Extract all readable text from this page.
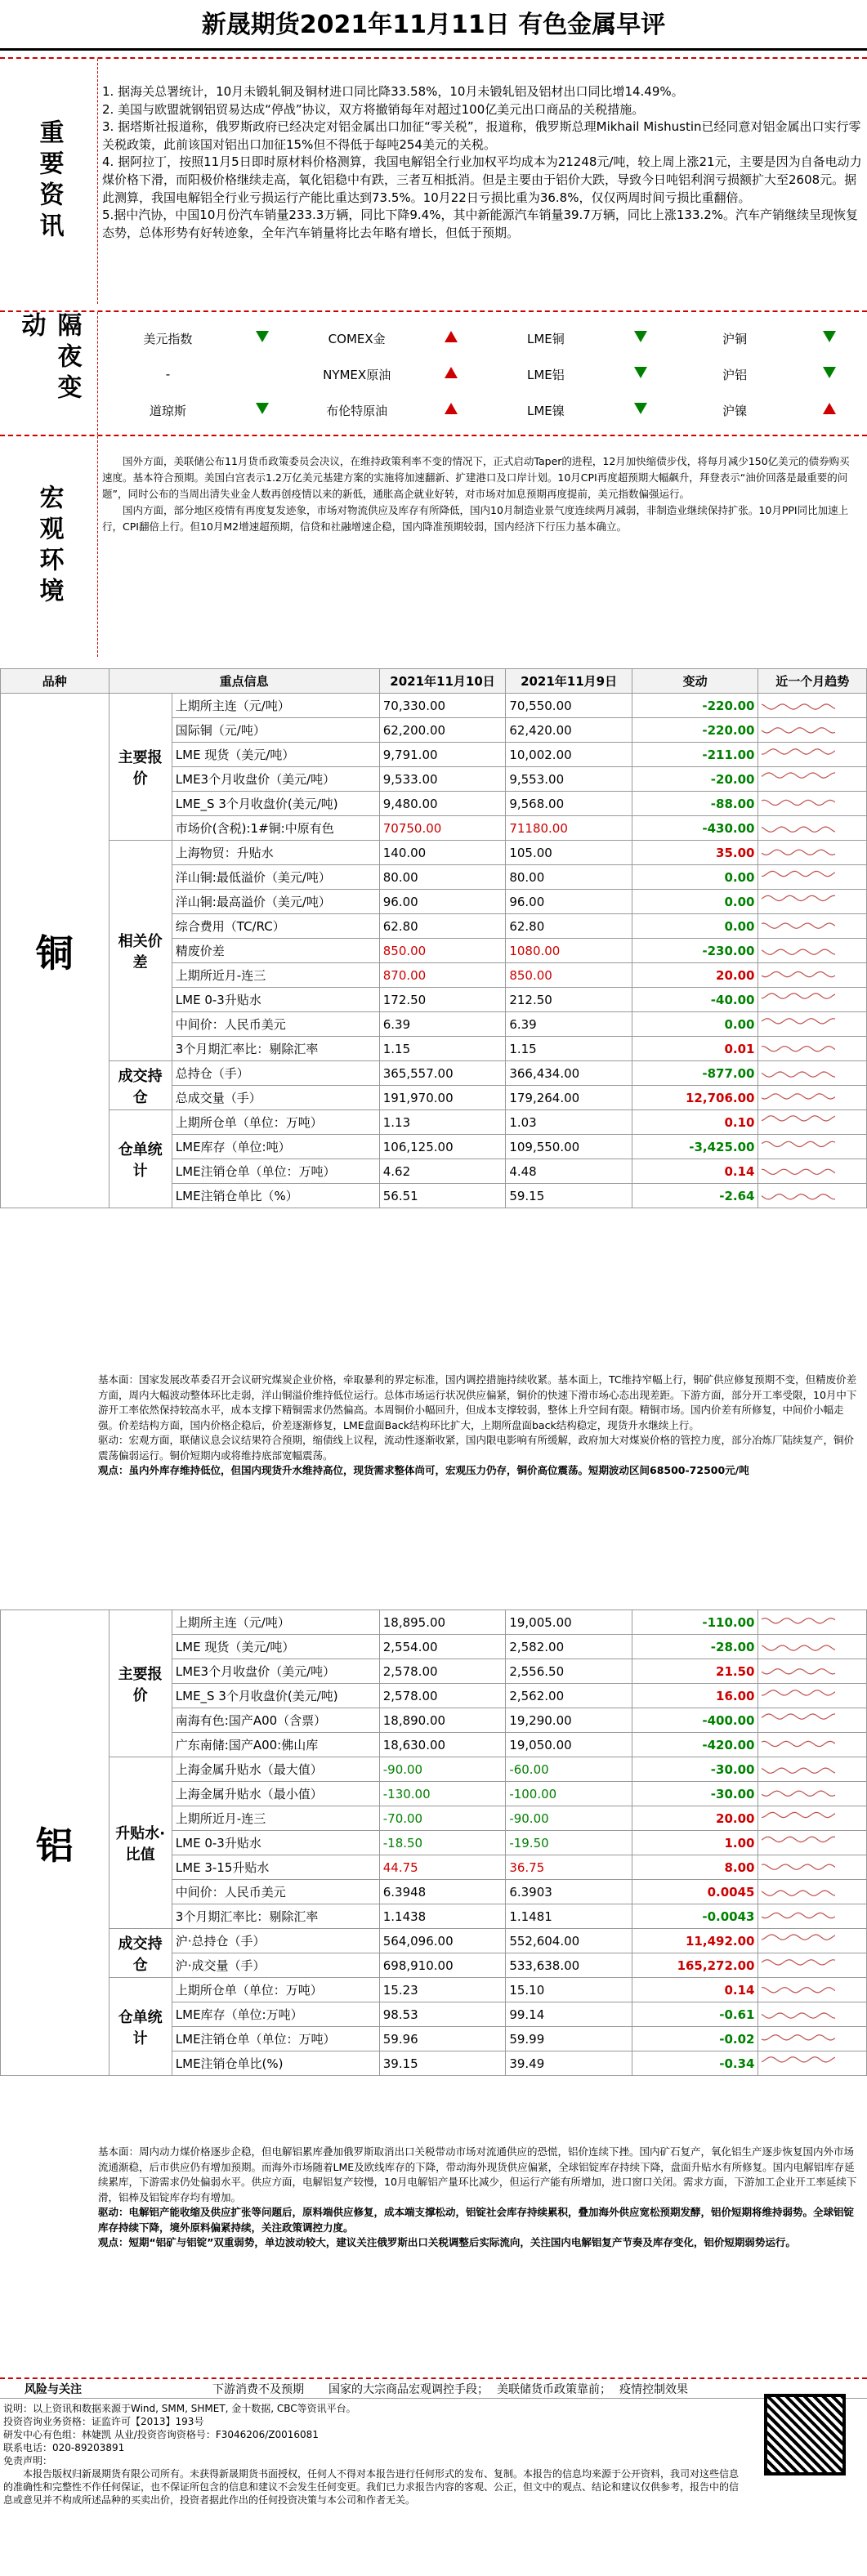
新晟期货2021年11月11日 有色金属早评
重要资讯

1. 据海关总署统计，10月未锻轧铜及铜材进口同比降33.58%，10月未锻轧铝及铝材出口同比增14.49%。

2. 美国与欧盟就钢铝贸易达成“停战”协议，双方将撤销每年对超过100亿美元出口商品的关税措施。

3. 据塔斯社报道称，俄罗斯政府已经决定对铝金属出口加征“零关税”，报道称，俄罗斯总理Mikhail Mishustin已经同意对铝金属出口实行零关税政策，此前该国对铝出口加征15%但不得低于每吨254美元的关税。

4. 据阿拉丁，按照11月5日即时原材料价格测算，我国电解铝全行业加权平均成本为21248元/吨，较上周上涨21元，主要是因为自备电动力煤价格下滑，而阳极价格继续走高，氧化铝稳中有跌，三者互相抵消。但是主要由于铝价大跌，导致今日吨铝利润亏损额扩大至2608元。据此测算，我国电解铝全行业亏损运行产能比重达到73.5%。10月22日亏损比重为36.8%，仅仅两周时间亏损比重翻倍。

5.据中汽协，中国10月份汽车销量233.3万辆，同比下降9.4%，其中新能源汽车销量39.7万辆，同比上涨133.2%。汽车产销继续呈现恢复态势，总体形势有好转迹象，全年汽车销量将比去年略有增长，但低于预期。

隔夜变动	美元指数		COMEX金		LME铜		沪铜	
-		NYMEX原油		LME铝		沪铝	
道琼斯		布伦特原油		LME镍		沪镍	
宏观环境

国外方面，美联储公布11月货币政策委员会决议，在维持政策利率不变的情况下，正式启动Taper的进程，12月加快缩债步伐，将每月减少150亿美元的债券购买速度。基本符合预期。美国白宫表示1.2万亿美元基建方案的实施将加速翻新、扩建港口及口岸计划。10月CPI再度超预期大幅飙升，拜登表示“油价回落是最重要的问题”，同时公布的当周出清失业金人数再创疫情以来的新低，通胀高企就业好转，对市场对加息预期再度提前，美元指数偏强运行。

国内方面，部分地区疫情有再度复发迹象，市场对物流供应及库存有所降低，国内10月制造业景气度连续两月减弱，非制造业继续保持扩张。10月PPI同比加速上行，CPI翻倍上行。但10月M2增速超预期，信贷和社融增速企稳，国内降准预期较弱，国内经济下行压力基本确立。

品种	重点信息		2021年11月10日	2021年11月9日	变动	近一个月趋势
铜	主要报价	上期所主连（元/吨）	70,330.00	70,550.00	-220.00	
		国际铜（元/吨）	62,200.00	62,420.00	-220.00	
		LME 现货（美元/吨）	9,791.00	10,002.00	-211.00	
		LME3个月收盘价（美元/吨）	9,533.00	9,553.00	-20.00	
		LME_S 3个月收盘价(美元/吨)	9,480.00	9,568.00	-88.00	
		市场价(含税):1#铜:中原有色	70750.00	71180.00	-430.00	
	相关价差	上海物贸：升贴水	140.00	105.00	35.00	
		洋山铜:最低溢价（美元/吨）	80.00	80.00	0.00	
		洋山铜:最高溢价（美元/吨）	96.00	96.00	0.00	
		综合费用（TC/RC）	62.80	62.80	0.00	
		精废价差	850.00	1080.00	-230.00	
		上期所近月-连三	870.00	850.00	20.00	
		LME 0-3升贴水	172.50	212.50	-40.00	
		中间价：人民币美元	6.39	6.39	0.00	
		3个月期汇率比：剔除汇率	1.15	1.15	0.01	
	成交持仓	总持仓（手）	365,557.00	366,434.00	-877.00	
		总成交量（手）	191,970.00	179,264.00	12,706.00	
	仓单统计	上期所仓单（单位：万吨）	1.13	1.03	0.10	
		LME库存（单位:吨）	106,125.00	109,550.00	-3,425.00	
		LME注销仓单（单位：万吨）	4.62	4.48	0.14	
		LME注销仓单比（%）	56.51	59.15	-2.64	

基本面：国家发展改革委召开会议研究煤炭企业价格，牵取暴利的界定标准，国内调控措施持续收紧。基本面上，TC维持窄幅上行，铜矿供应修复预期不变，但精废价差方面，周内大幅波动整体环比走弱，洋山铜溢价维持低位运行。总体市场运行状况供应偏紧，铜价的快速下滑市场心态出现差距。下游方面，部分开工率受限，10月中下游开工率依然保持较高水平，成本支撑下精铜需求仍然偏高。本周铜价小幅回升，但成本支撑较弱，整体上升空间有限。精铜市场。国内价差有所修复，中间价小幅走强。价差结构方面，国内价格企稳后，价差逐渐修复，LME盘面Back结构环比扩大，上期所盘面back结构稳定，现货升水继续上行。

驱动：宏观方面，联储议息会议结果符合预期，缩债线上议程，流动性逐渐收紧，国内限电影响有所缓解，政府加大对煤炭价格的管控力度，部分冶炼厂陆续复产，铜价震荡偏弱运行。铜价短期内或将维持底部宽幅震荡。

观点：虽内外库存维持低位，但国内现货升水维持高位，现货需求整体尚可，宏观压力仍存，铜价高位震荡。短期波动区间68500-72500元/吨

铝	主要报价	上期所主连（元/吨）	18,895.00	19,005.00	-110.00	
		LME 现货（美元/吨）	2,554.00	2,582.00	-28.00	
		LME3个月收盘价（美元/吨）	2,578.00	2,556.50	21.50	
		LME_S 3个月收盘价(美元/吨)	2,578.00	2,562.00	16.00	
		南海有色:国产A00（含票）	18,890.00	19,290.00	-400.00	
		广东南储:国产A00:佛山库	18,630.00	19,050.00	-420.00	
	升贴水·比值	上海金属升贴水（最大值）	-90.00	-60.00	-30.00	
		上海金属升贴水（最小值）	-130.00	-100.00	-30.00	
		上期所近月-连三	-70.00	-90.00	20.00	
		LME 0-3升贴水	-18.50	-19.50	1.00	
		LME 3-15升贴水	44.75	36.75	8.00	
		中间价：人民币美元	6.3948	6.3903	0.0045	
		3个月期汇率比：剔除汇率	1.1438	1.1481	-0.0043	
	成交持仓	沪·总持仓（手）	564,096.00	552,604.00	11,492.00	
		沪·成交量（手）	698,910.00	533,638.00	165,272.00	
	仓单统计	上期所仓单（单位：万吨）	15.23	15.10	0.14	
		LME库存（单位:万吨）	98.53	99.14	-0.61	
		LME注销仓单（单位：万吨）	59.96	59.99	-0.02	
		LME注销仓单比(%)	39.15	39.49	-0.34	

基本面：周内动力煤价格逐步企稳，但电解铝累库叠加俄罗斯取消出口关税带动市场对流通供应的恐慌，铝价连续下挫。国内矿石复产，氧化铝生产逐步恢复国内外市场流通渐稳，后市供应仍有增加预期。而海外市场随着LME及欧线库存的下降，带动海外现货供应偏紧，全球铝锭库存持续下降，盘面升贴水有所修复。国内电解铝库存延续累库，下游需求仍处偏弱水平。供应方面，电解铝复产较慢，10月电解铝产量环比减少，但运行产能有所增加，进口窗口关闭。需求方面，下游加工企业开工率延续下滑，铝棒及铝锭库存均有增加。

驱动：电解铝产能收缩及供应扩张等问题后，原料端供应修复，成本端支撑松动，铝锭社会库存持续累积，叠加海外供应宽松预期发酵，铝价短期将维持弱势。全球铝锭库存持续下降，境外原料偏紧持续，关注政策调控力度。

观点：短期“铝矿与铝锭”双重弱势，单边波动较大，建议关注俄罗斯出口关税调整后实际流向，关注国内电解铝复产节奏及库存变化，铝价短期弱势运行。

风险与关注	下游消费不及预期 国家的大宗商品宏观调控手段； 美联储货币政策靠前； 疫情控制效果

说明：以上资讯和数据来源于Wind, SMM, SHMET, 金十数据, CBC等资讯平台。

投资咨询业务资格：证监许可【2013】193号

研发中心有色组：林婕凯 从业/投资咨询资格号：F3046206/Z0016081

联系电话：020-89203891

免责声明：

本报告版权归新晟期货有限公司所有。未获得新晟期货书面授权，任何人不得对本报告进行任何形式的发布、复制。本报告的信息均来源于公开资料，我司对这些信息的准确性和完整性不作任何保证，也不保证所包含的信息和建议不会发生任何变更。我们已力求报告内容的客观、公正，但文中的观点、结论和建议仅供参考，报告中的信息或意见并不构成所述品种的买卖出价，投资者据此作出的任何投资决策与本公司和作者无关。
